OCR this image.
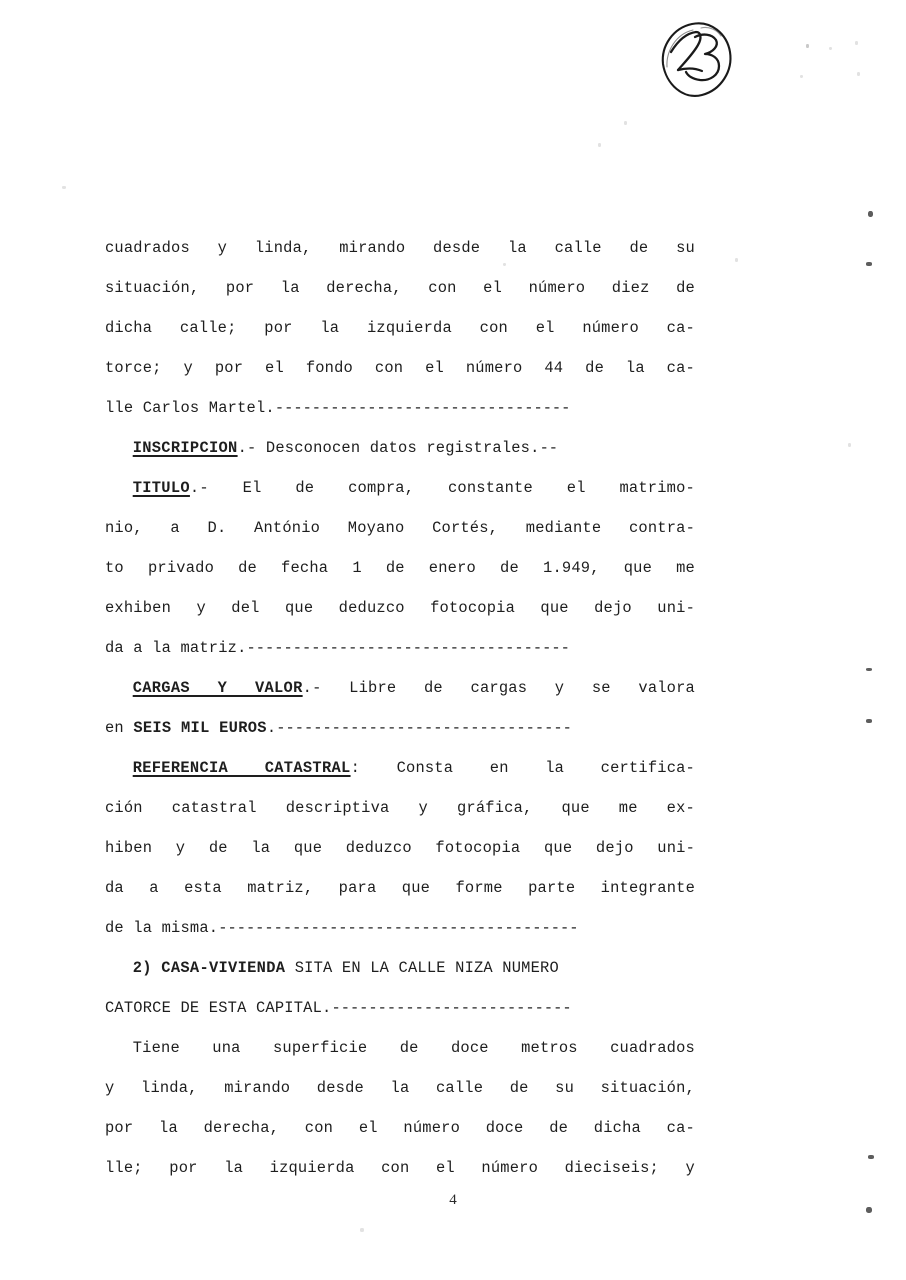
cuadrados y linda, mirando desde la calle de su
situación, por la derecha, con el número diez de
dicha calle; por la izquierda con el número ca-
torce; y por el fondo con el número 44 de la ca-
lle Carlos Martel.--------------------------------
INSCRIPCION.- Desconocen datos registrales.--
TITULO.- El de compra, constante el matrimo-
nio, a D. António Moyano Cortés, mediante contra-
to privado de fecha 1 de enero de 1.949, que me
exhiben y del que deduzco fotocopia que dejo uni-
da a la matriz.-----------------------------------
CARGAS Y VALOR.- Libre de cargas y se valora
en SEIS MIL EUROS.--------------------------------
REFERENCIA CATASTRAL: Consta en la certifica-
ción catastral descriptiva y gráfica, que me ex-
hiben y de la que deduzco fotocopia que dejo uni-
da a esta matriz, para que forme parte integrante
de la misma.---------------------------------------
2) CASA-VIVIENDA SITA EN LA CALLE NIZA NUMERO
CATORCE DE ESTA CAPITAL.--------------------------
Tiene una superficie de doce metros cuadrados
y linda, mirando desde la calle de su situación,
por la derecha, con el número doce de dicha ca-
lle; por la izquierda con el número dieciseis; y
4
